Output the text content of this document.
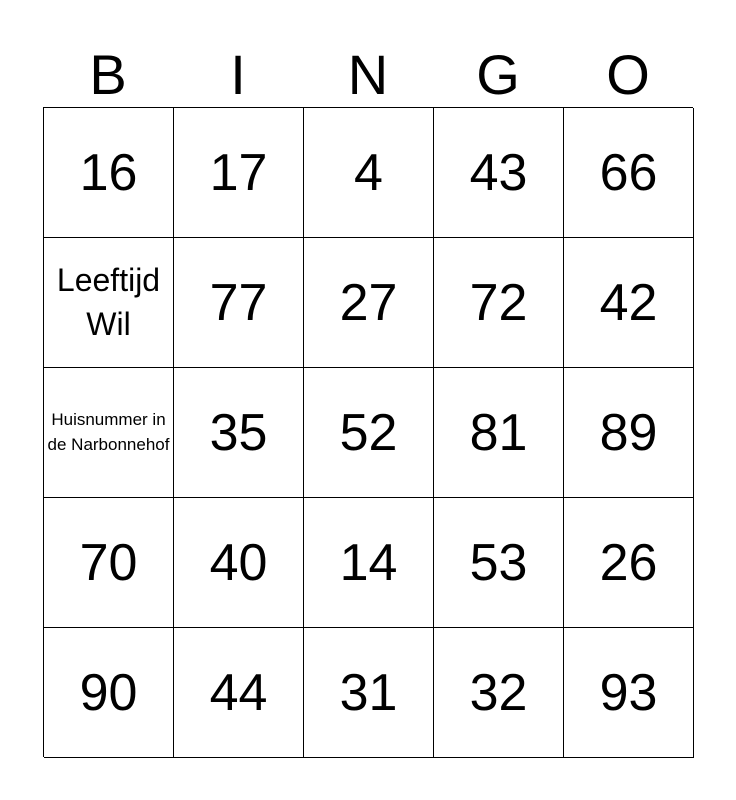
B	I	N	G	O
16 17 4 43 66
Leeftijd Wil	77 27 72 42
Huisnummer in de Narbonnehof 35 52 81 89
70 40 14 53 26
90 44 31 32 93
